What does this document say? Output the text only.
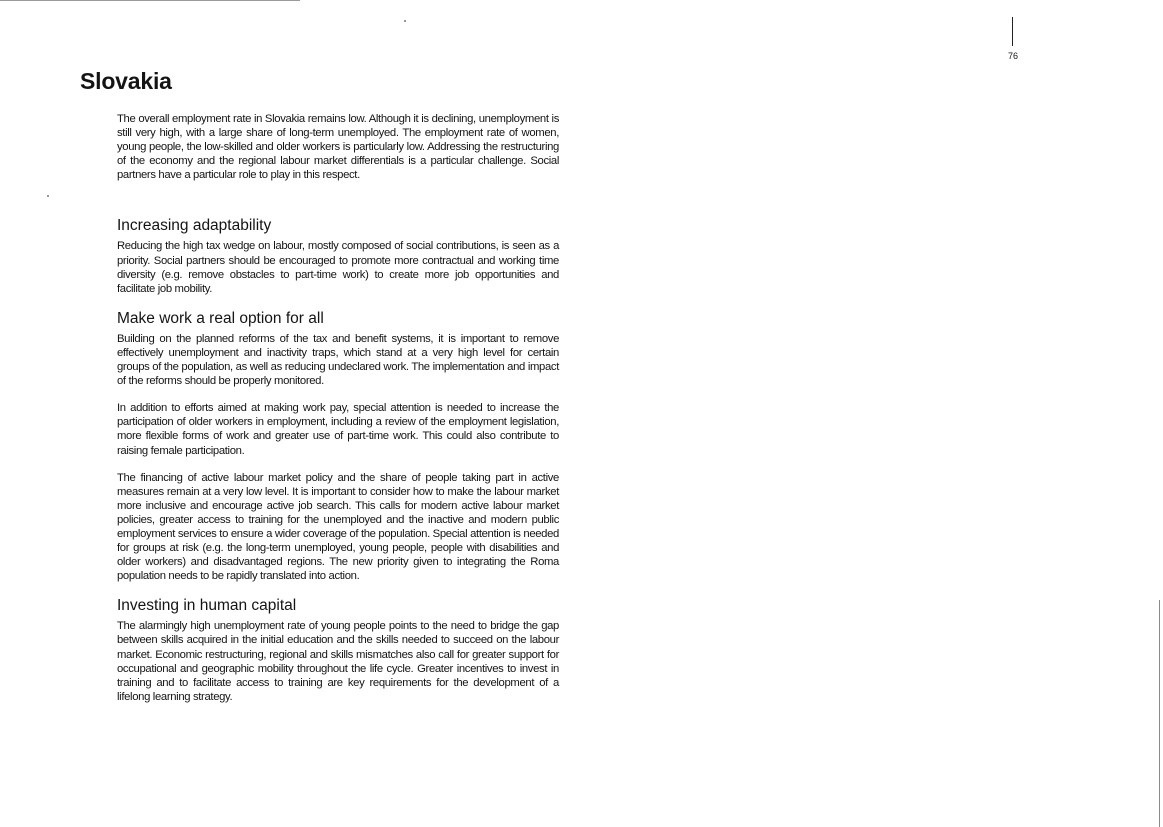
76
Slovakia

The overall employment rate in Slovakia remains low. Although it is declining, unemployment is still very high, with a large share of long-term unemployed. The employment rate of women, young people, the low-skilled and older workers is particularly low. Addressing the restructuring of the economy and the regional labour market differentials is a particular challenge. Social partners have a particular role to play in this respect.

Increasing adaptability

Reducing the high tax wedge on labour, mostly composed of social contributions, is seen as a priority. Social partners should be encouraged to promote more contractual and working time diversity (e.g. remove obstacles to part-time work) to create more job opportunities and facilitate job mobility.

Make work a real option for all

Building on the planned reforms of the tax and benefit systems, it is important to remove effectively unemployment and inactivity traps, which stand at a very high level for certain groups of the population, as well as reducing undeclared work. The implementation and impact of the reforms should be properly monitored.

In addition to efforts aimed at making work pay, special attention is needed to increase the participation of older workers in employment, including a review of the employment legislation, more flexible forms of work and greater use of part-time work. This could also contribute to raising female participation.

The financing of active labour market policy and the share of people taking part in active measures remain at a very low level. It is important to consider how to make the labour market more inclusive and encourage active job search. This calls for modern active labour market policies, greater access to training for the unemployed and the inactive and modern public employment services to ensure a wider coverage of the population. Special attention is needed for groups at risk (e.g. the long-term unemployed, young people, people with disabilities and older workers) and disadvantaged regions. The new priority given to integrating the Roma population needs to be rapidly translated into action.

Investing in human capital

The alarmingly high unemployment rate of young people points to the need to bridge the gap between skills acquired in the initial education and the skills needed to succeed on the labour market. Economic restructuring, regional and skills mismatches also call for greater support for occupational and geographic mobility throughout the life cycle. Greater incentives to invest in training and to facilitate access to training are key requirements for the development of a lifelong learning strategy.
